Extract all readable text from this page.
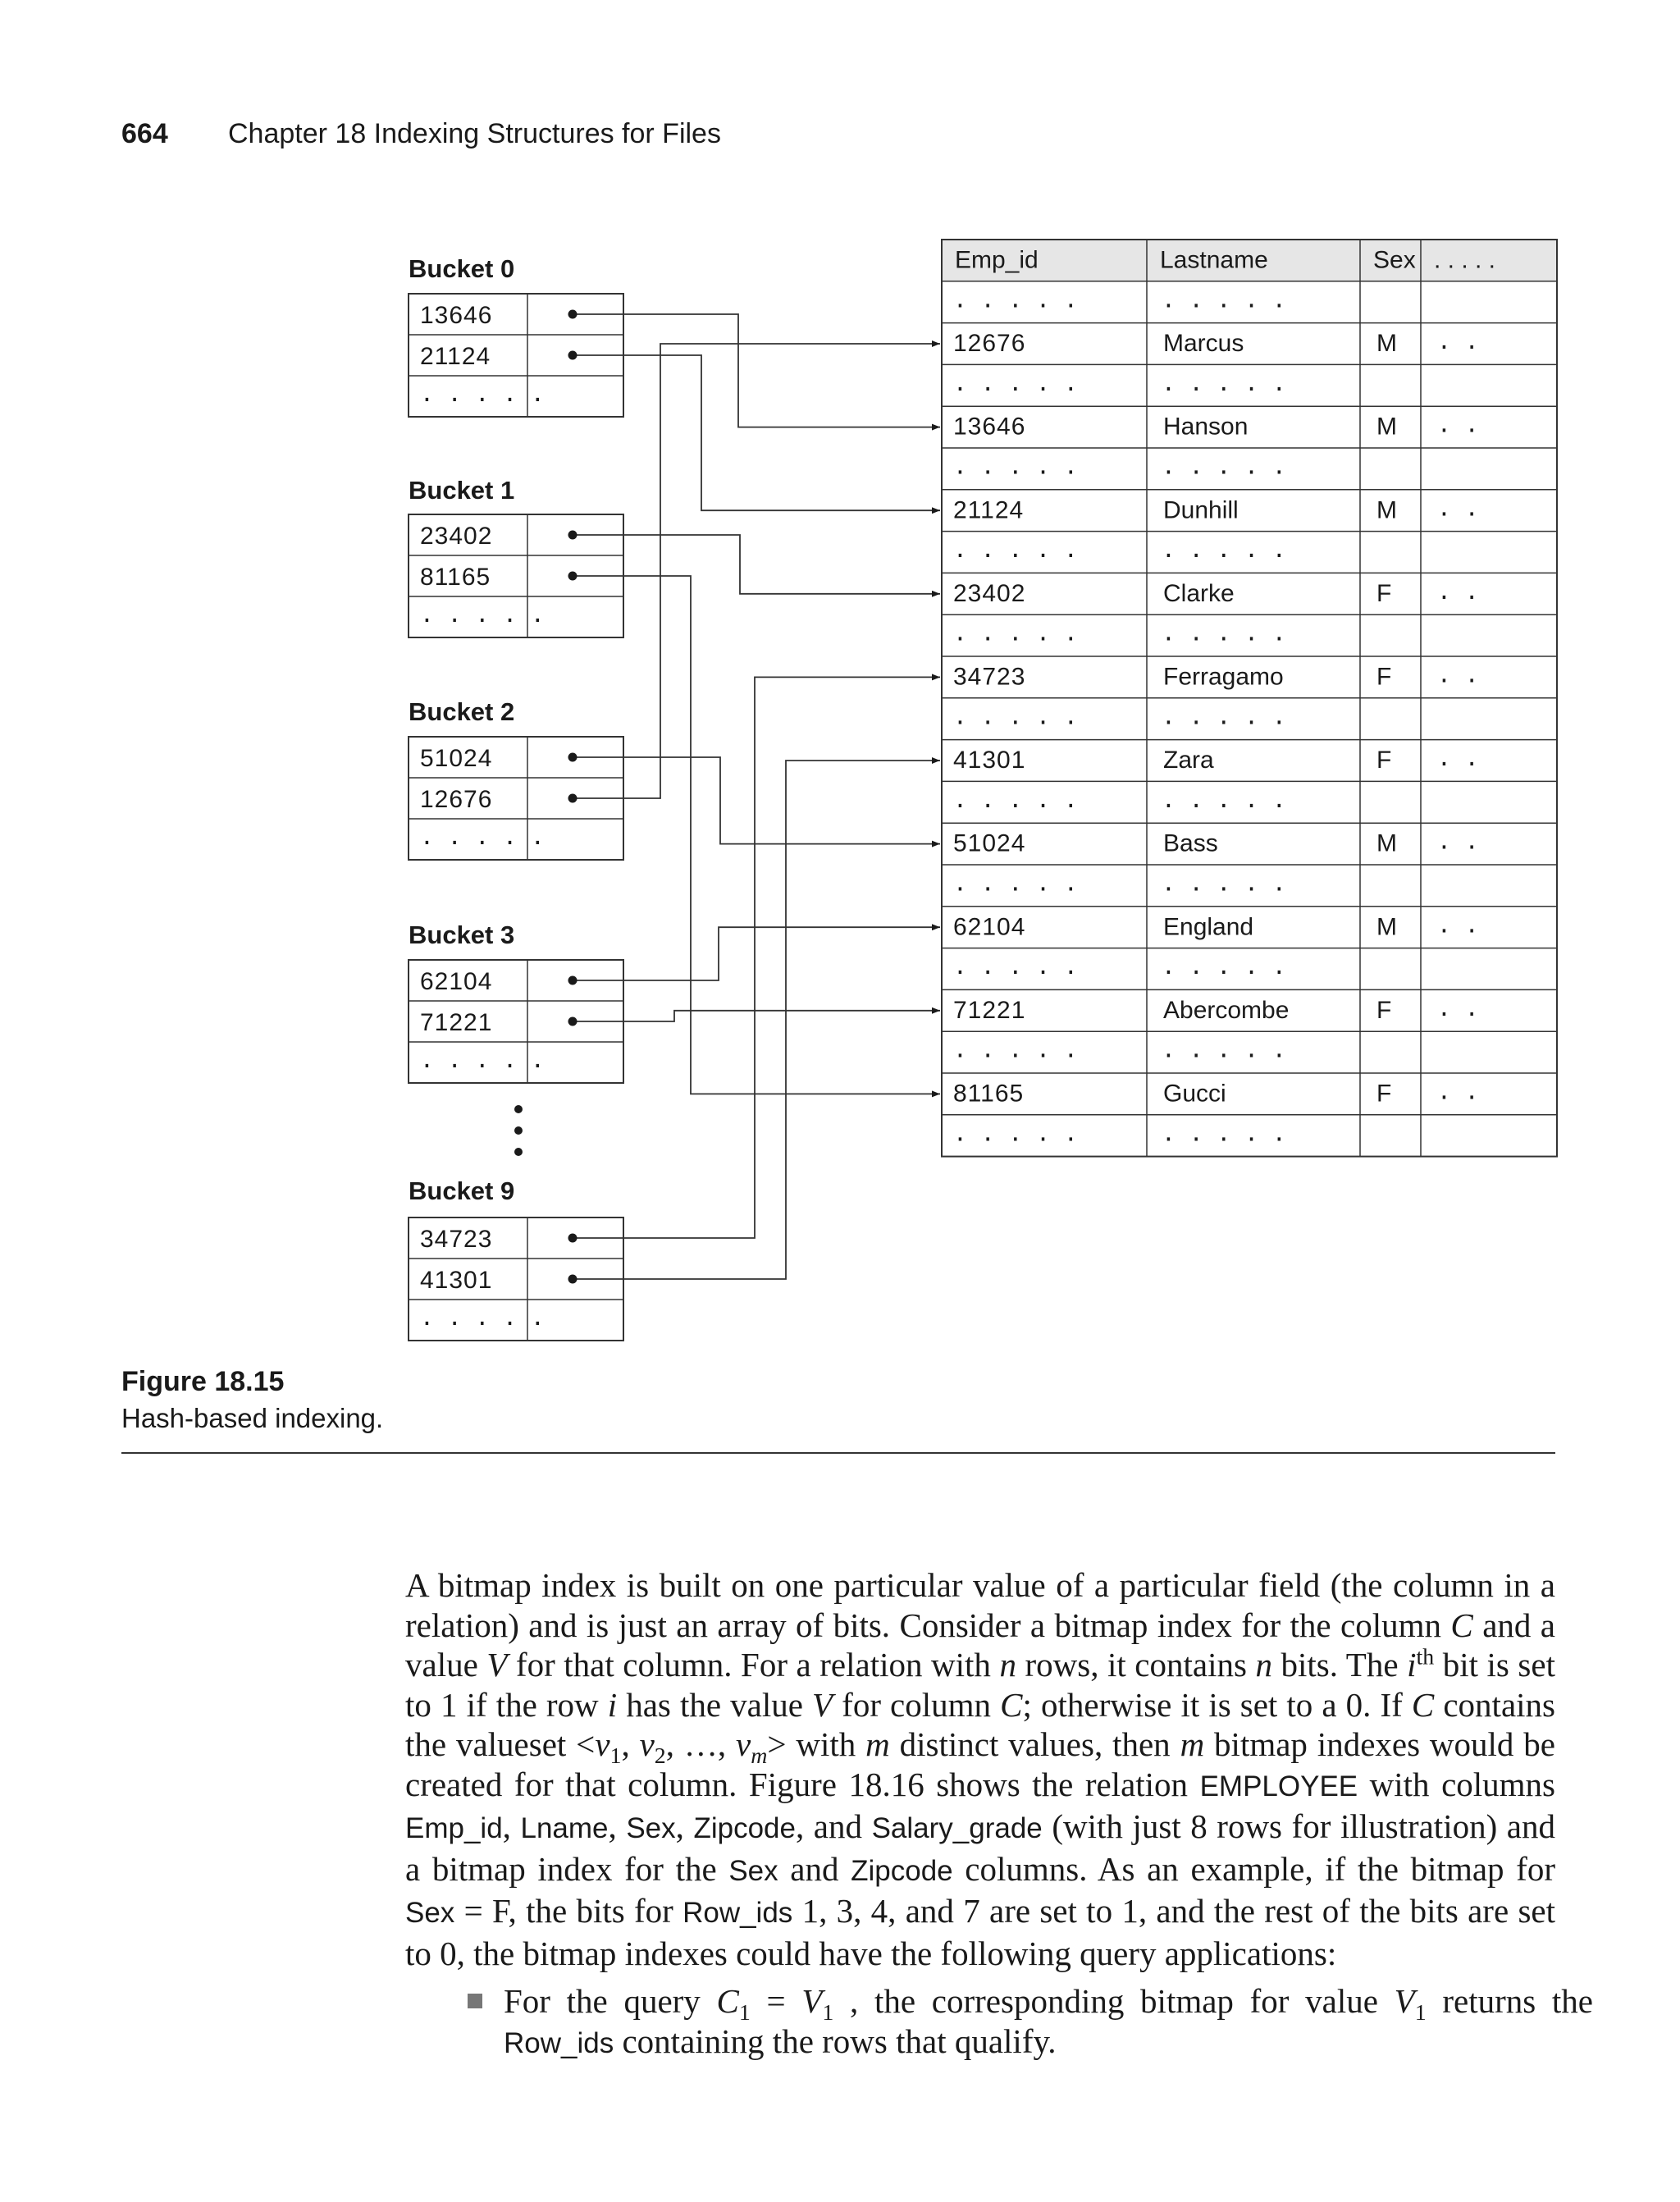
664 Chapter 18 Indexing Structures for Files
Bucket 0
13646
21124
. . . . .
Bucket 1
23402
81165
. . . . .
Bucket 2
51024
12676
. . . . .
Bucket 3
62104
71221
. . . . .
Bucket 9
34723
41301
. . . . .
Emp_id	Lastname	Sex . . . . .
. . . . .	. . . . .
12676	Marcus	M . .
. . . . .	. . . . .
13646	Hanson	M . .
. . . . .	. . . . .
21124	Dunhill	M . .
. . . . .	. . . . .
23402	Clarke	F . .
. . . . .	. . . . .
34723	Ferragamo	F . .
. . . . .	. . . . .
41301	Zara	F . .
. . . . .	. . . . .
51024	Bass	M . .
. . . . .	. . . . .
62104	England	M . .
. . . . .	. . . . .
71221	Abercombe	F . .
. . . . .	. . . . .
81165	Gucci	F . .
. . . . .	. . . . .
Figure 18.15
Hash-based indexing.
A bitmap index is built on one particular value of a particular field (the column in a relation) and is just an array of bits. Consider a bitmap index for the column C and a value V for that column. For a relation with n rows, it contains n bits. The $i^{th}$ bit is set to 1 if the row i has the value V for column C; otherwise it is set to a 0. If C contains the valueset $<v_1$, $v_2$, …, $v_m>$ with m distinct values, then m bitmap indexes would be created for that column. Figure 18.16 shows the relation EMPLOYEE with columns Emp_id, Lname, Sex, Zipcode, and Salary_grade (with just 8 rows for illustration) and a bitmap index for the Sex and Zipcode columns. As an example, if the bitmap for Sex = F, the bits for Row_ids 1, 3, 4, and 7 are set to 1, and the rest of the bits are set to 0, the bitmap indexes could have the following query applications:
For the query $C_1 = V_1$ , the corresponding bitmap for value $V_1$ returns the Row_ids containing the rows that qualify.
